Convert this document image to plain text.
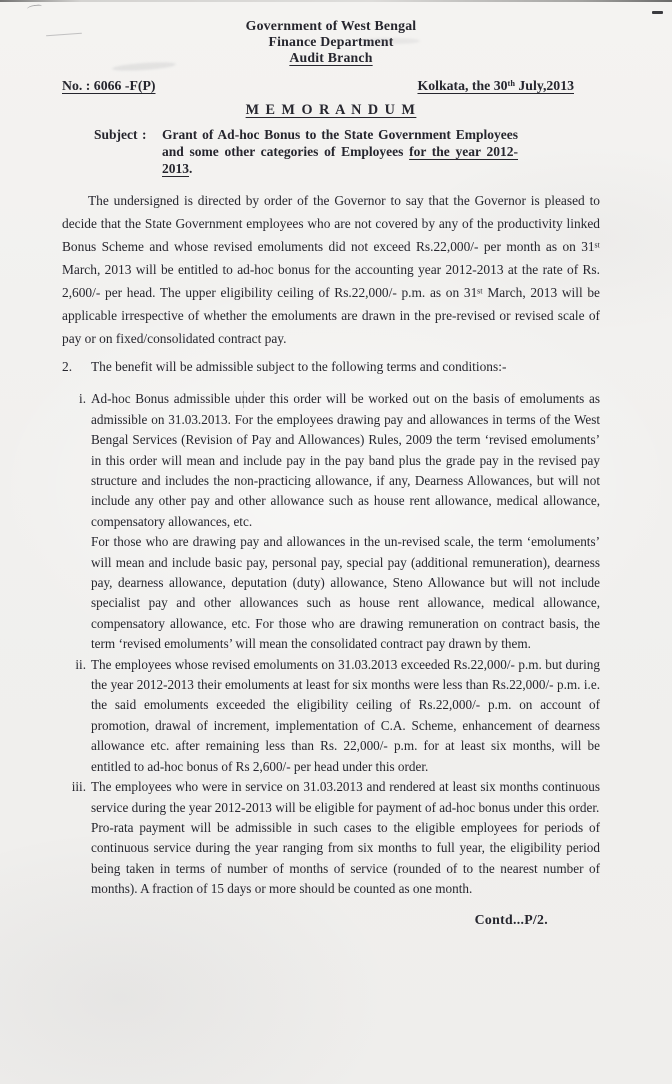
Government of West Bengal
Finance Department
Audit Branch
No. : 6066 -F(P)	Kolkata, the 30ᵗʰ July,2013
M E M O R A N D U M
Subject :	Grant of Ad-hoc Bonus to the State Government Employees and some other categories of Employees for the year 2012-2013.

The undersigned is directed by order of the Governor to say that the Governor is pleased to decide that the State Government employees who are not covered by any of the productivity linked Bonus Scheme and whose revised emoluments did not exceed Rs.22,000/- per month as on 31ˢᵗ March, 2013 will be entitled to ad-hoc bonus for the accounting year 2012-2013 at the rate of Rs. 2,600/- per head. The upper eligibility ceiling of Rs.22,000/- p.m. as on 31ˢᵗ March, 2013 will be applicable irrespective of whether the emoluments are drawn in the pre-revised or revised scale of pay or on fixed/consolidated contract pay.

2. The benefit will be admissible subject to the following terms and conditions:-
i. Ad-hoc Bonus admissible under this order will be worked out on the basis of emoluments as admissible on 31.03.2013. For the employees drawing pay and allowances in terms of the West Bengal Services (Revision of Pay and Allowances) Rules, 2009 the term ‘revised emoluments’ in this order will mean and include pay in the pay band plus the grade pay in the revised pay structure and includes the non-practicing allowance, if any, Dearness Allowances, but will not include any other pay and other allowance such as house rent allowance, medical allowance, compensatory allowances, etc.

For those who are drawing pay and allowances in the un-revised scale, the term ‘emoluments’ will mean and include basic pay, personal pay, special pay (additional remuneration), dearness pay, dearness allowance, deputation (duty) allowance, Steno Allowance but will not include specialist pay and other allowances such as house rent allowance, medical allowance, compensatory allowance, etc. For those who are drawing remuneration on contract basis, the term ‘revised emoluments’ will mean the consolidated contract pay drawn by them.

ii. The employees whose revised emoluments on 31.03.2013 exceeded Rs.22,000/- p.m. but during the year 2012-2013 their emoluments at least for six months were less than Rs.22,000/- p.m. i.e. the said emoluments exceeded the eligibility ceiling of Rs.22,000/- p.m. on account of promotion, drawal of increment, implementation of C.A. Scheme, enhancement of dearness allowance etc. after remaining less than Rs. 22,000/- p.m. for at least six months, will be entitled to ad-hoc bonus of Rs 2,600/- per head under this order.

iii. The employees who were in service on 31.03.2013 and rendered at least six months continuous service during the year 2012-2013 will be eligible for payment of ad-hoc bonus under this order.

Pro-rata payment will be admissible in such cases to the eligible employees for periods of continuous service during the year ranging from six months to full year, the eligibility period being taken in terms of number of months of service (rounded of to the nearest number of months). A fraction of 15 days or more should be counted as one month.

Contd...P/2.
